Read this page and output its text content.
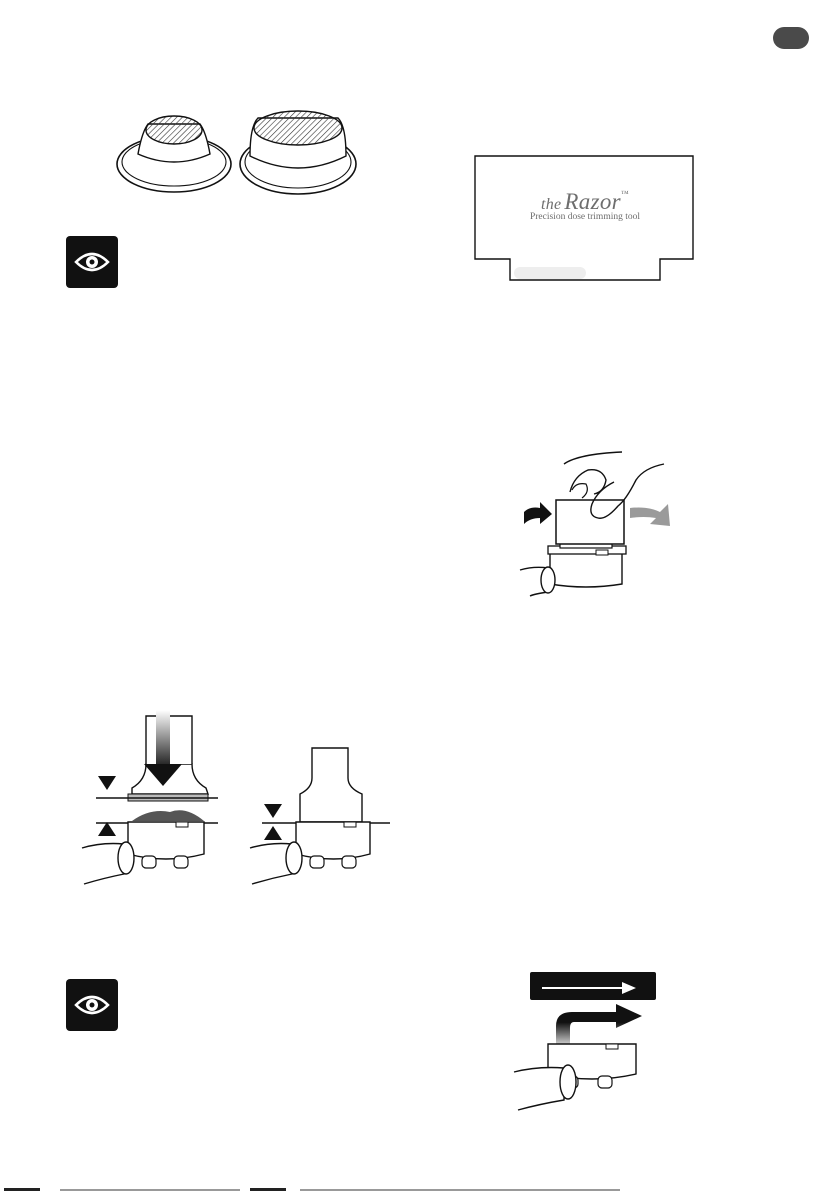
the Razor™
Precision dose trimming tool
